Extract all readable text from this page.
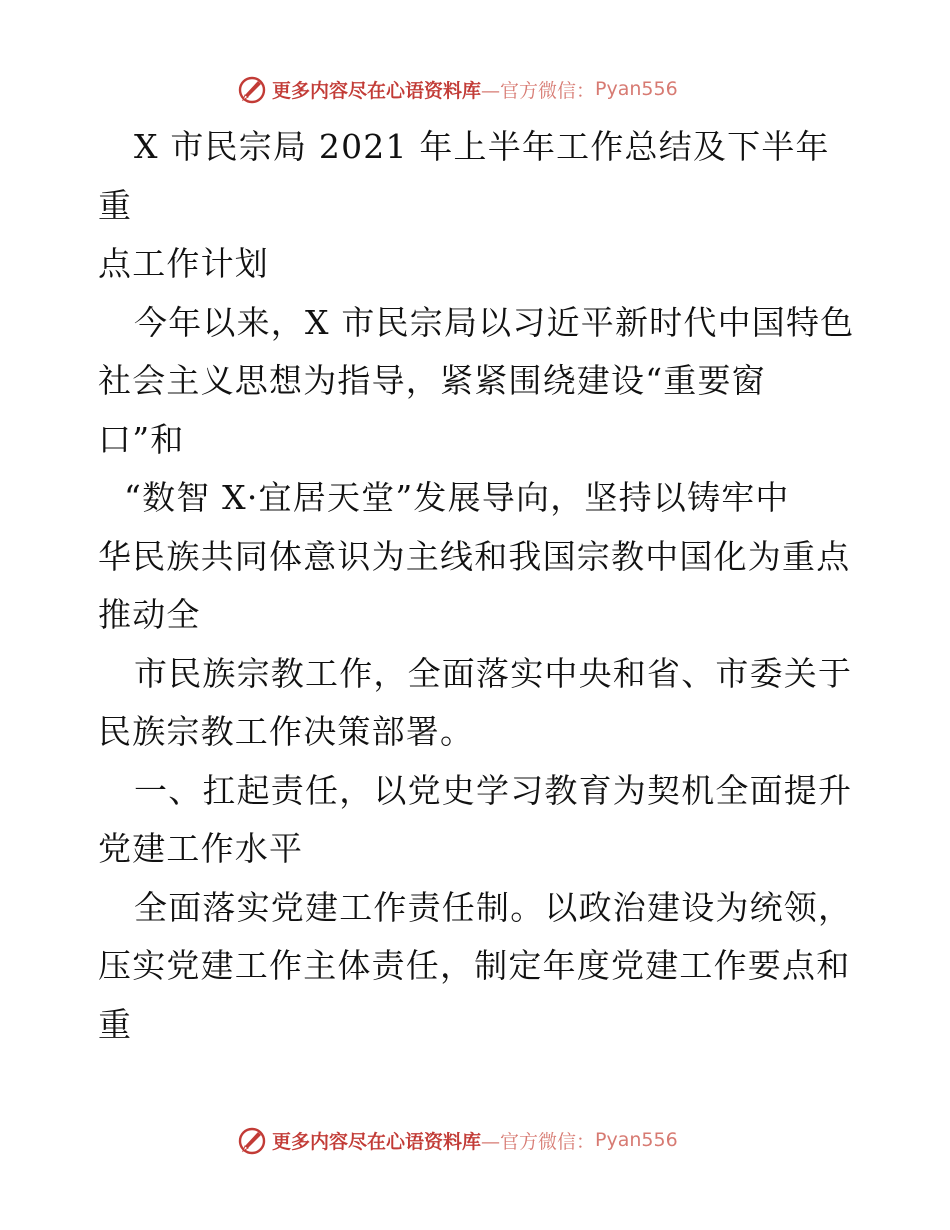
更多内容尽在心语资料库 —官方微信： Pyan556

X 市民宗局 2021 年上半年工作总结及下半年重
点工作计划

今年以来，X 市民宗局以习近平新时代中国特色
社会主义思想为指导，紧紧围绕建设“重要窗
口”和

“数智 X·宜居天堂”发展导向，坚持以铸牢中
华民族共同体意识为主线和我国宗教中国化为重点
推动全

市民族宗教工作，全面落实中央和省、市委关于
民族宗教工作决策部署。

一、扛起责任，以党史学习教育为契机全面提升
党建工作水平

全面落实党建工作责任制。以政治建设为统领，
压实党建工作主体责任，制定年度党建工作要点和
重

更多内容尽在心语资料库 —官方微信： Pyan556
